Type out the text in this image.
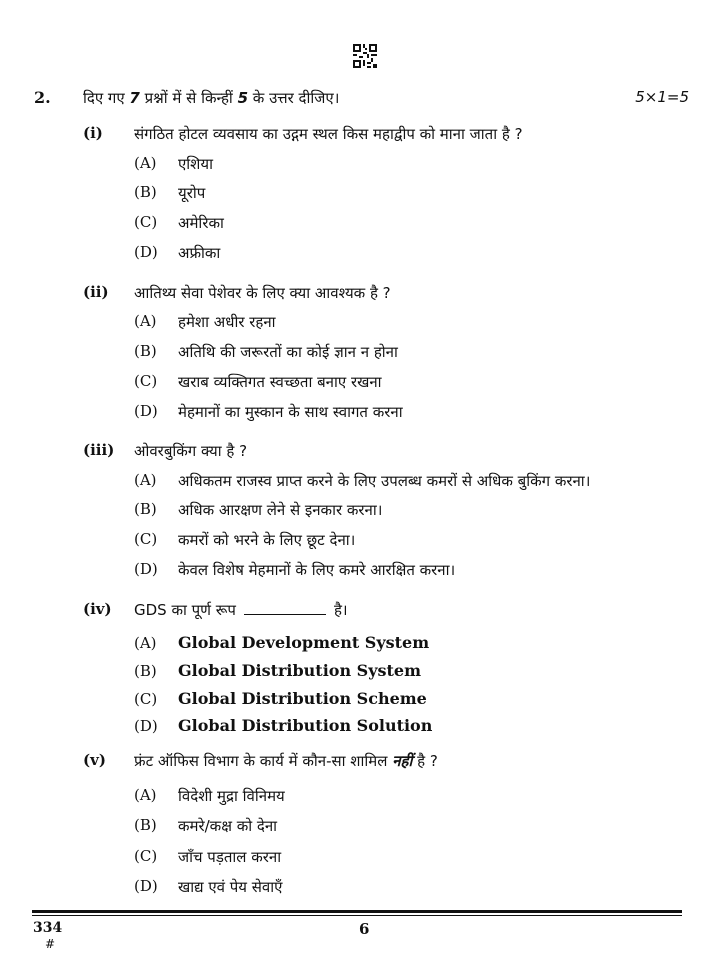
2. दिए गए 7 प्रश्नों में से किन्हीं 5 के उत्तर दीजिए।	5×1=5
(i) संगठित होटल व्यवसाय का उद्गम स्थल किस महाद्वीप को माना जाता है ?
(A) एशिया
(B) यूरोप
(C) अमेरिका
(D) अफ्रीका
(ii) आतिथ्य सेवा पेशेवर के लिए क्या आवश्यक है ?
(A) हमेशा अधीर रहना
(B) अतिथि की जरूरतों का कोई ज्ञान न होना
(C) खराब व्यक्तिगत स्वच्छता बनाए रखना
(D) मेहमानों का मुस्कान के साथ स्वागत करना
(iii) ओवरबुकिंग क्या है ?
(A) अधिकतम राजस्व प्राप्त करने के लिए उपलब्ध कमरों से अधिक बुकिंग करना।
(B) अधिक आरक्षण लेने से इनकार करना।
(C) कमरों को भरने के लिए छूट देना।
(D) केवल विशेष मेहमानों के लिए कमरे आरक्षित करना।
(iv) GDS का पूर्ण रूप	है।
(A) Global Development System
(B) Global Distribution System
(C) Global Distribution Scheme
(D) Global Distribution Solution
(v) फ्रंट ऑफिस विभाग के कार्य में कौन-सा शामिल नहीं है ?
(A) विदेशी मुद्रा विनिमय
(B) कमरे/कक्ष को देना
(C) जाँच पड़ताल करना
(D) खाद्य एवं पेय सेवाएँ
334
#
6
